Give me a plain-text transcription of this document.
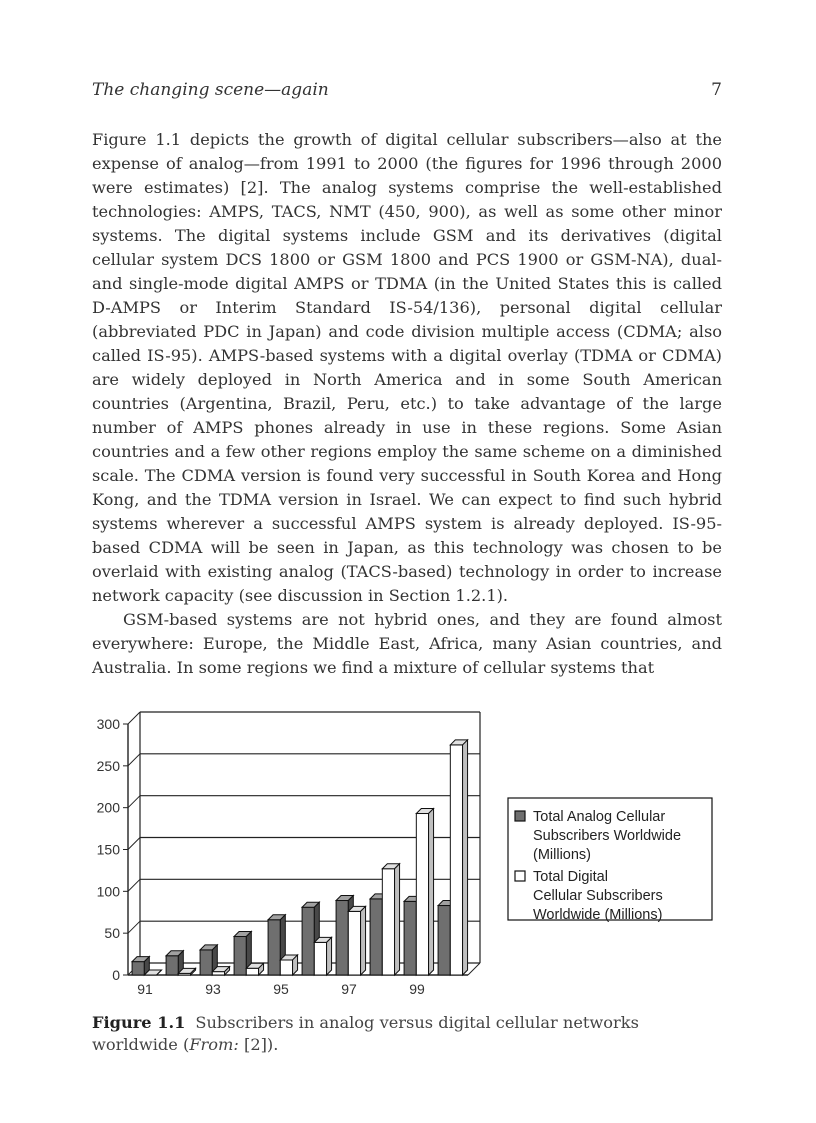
The changing scene—again	7

Figure 1.1 depicts the growth of digital cellular subscribers—also at the expense of analog—from 1991 to 2000 (the figures for 1996 through 2000 were estimates) [2]. The analog systems comprise the well-established technologies: AMPS, TACS, NMT (450, 900), as well as some other minor systems. The digital systems include GSM and its derivatives (digital cellular system DCS 1800 or GSM 1800 and PCS 1900 or GSM-NA), dual- and single-mode digital AMPS or TDMA (in the United States this is called D-AMPS or Interim Standard IS-54/136), personal digital cellular (abbreviated PDC in Japan) and code division multiple access (CDMA; also called IS-95). AMPS-based systems with a digital overlay (TDMA or CDMA) are widely deployed in North America and in some South American countries (Argentina, Brazil, Peru, etc.) to take advantage of the large number of AMPS phones already in use in these regions. Some Asian countries and a few other regions employ the same scheme on a diminished scale. The CDMA version is found very successful in South Korea and Hong Kong, and the TDMA version in Israel. We can expect to find such hybrid systems wherever a successful AMPS system is already deployed. IS-95-based CDMA will be seen in Japan, as this technology was chosen to be overlaid with existing analog (TACS-based) technology in order to increase network capacity (see discussion in Section 1.2.1).

GSM-based systems are not hybrid ones, and they are found almost everywhere: Europe, the Middle East, Africa, many Asian countries, and Australia. In some regions we find a mixture of cellular systems that

0
50
100
150
200
250
300
91	93	95	97	99
Total Analog Cellular Subscribers Worldwide (Millions)
Total Digital Cellular Subscribers Worldwide (Millions)
Figure 1.1 Subscribers in analog versus digital cellular networks worldwide (From: [2]).
